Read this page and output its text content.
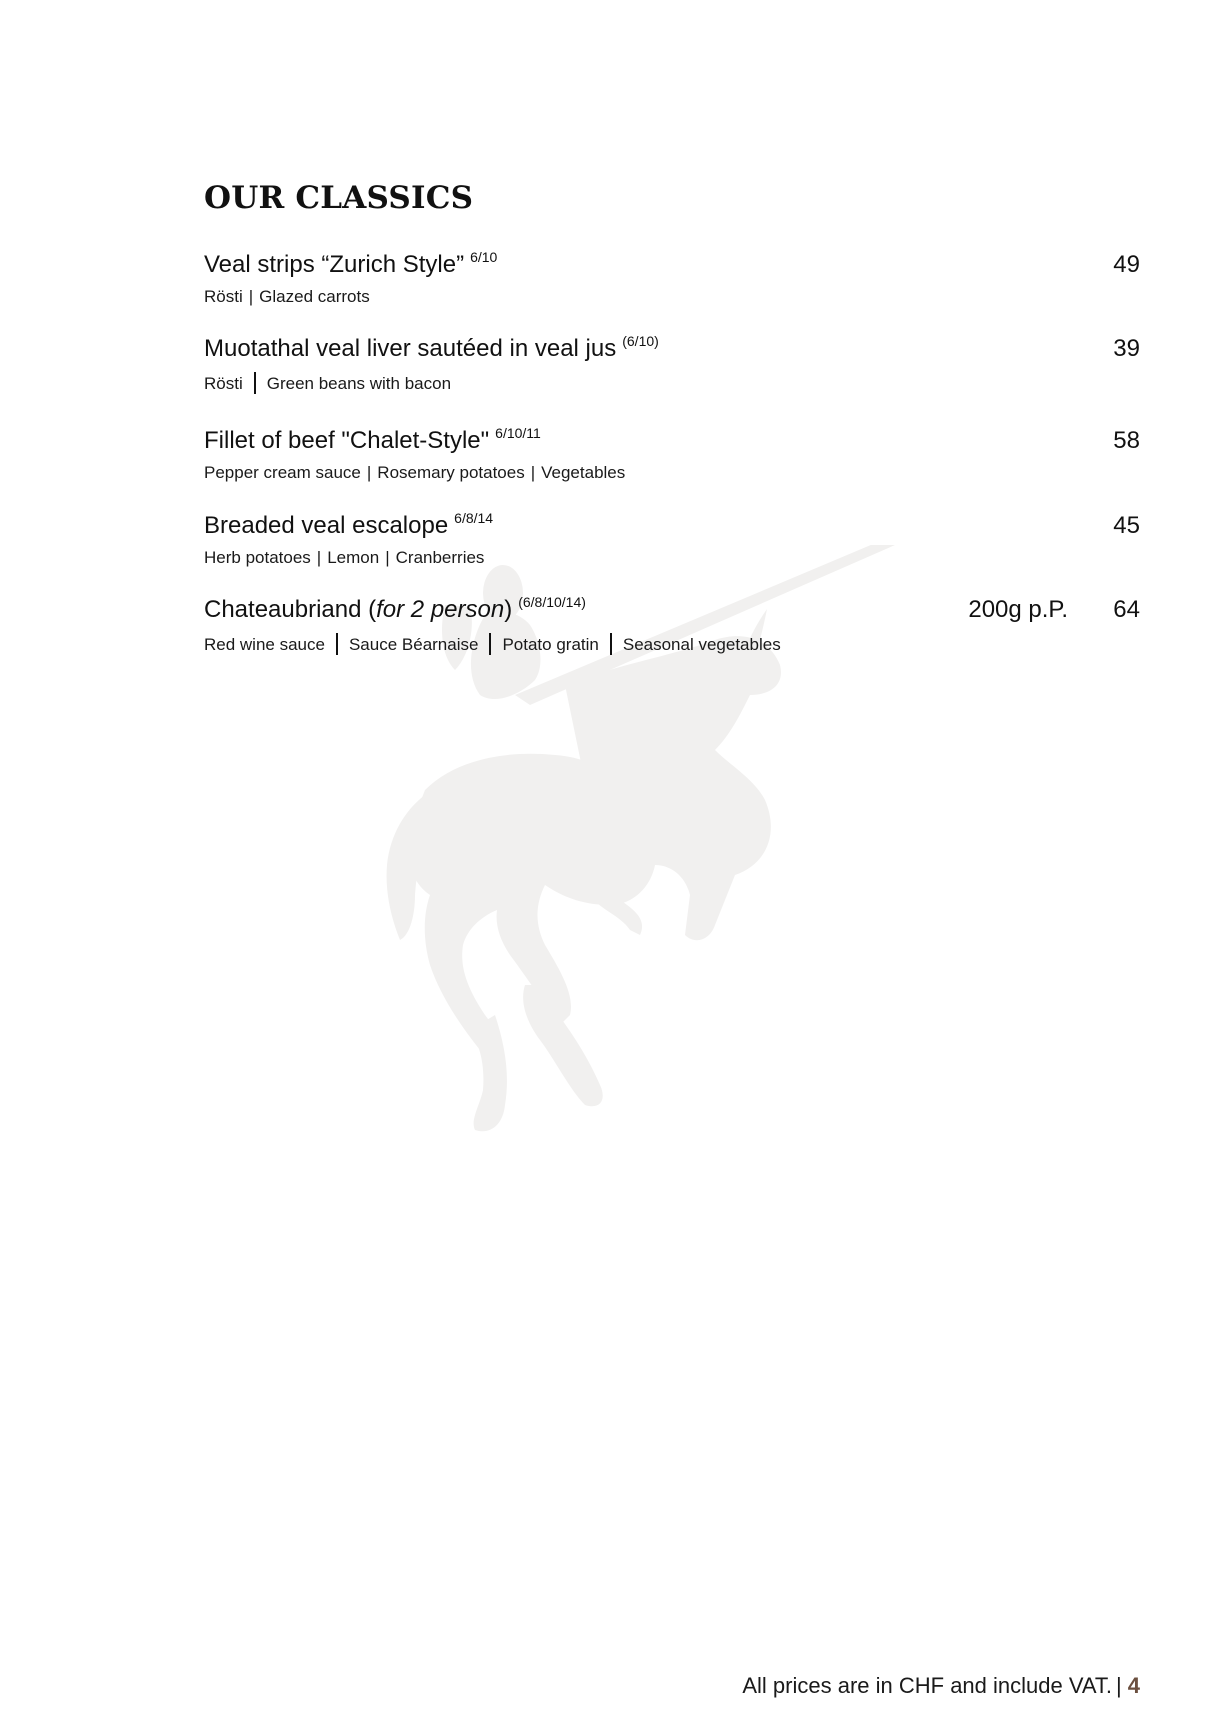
OUR CLASSICS
Veal strips “Zurich Style” $^{6/10}$	49
Rösti | Glazed carrots
Muotathal veal liver sautéed in veal jus $^{(6/10)}$	39
Rösti Green beans with bacon
Fillet of beef "Chalet-Style" $^{6/10/11}$	58
Pepper cream sauce | Rosemary potatoes | Vegetables
Breaded veal escalope $^{6/8/14}$	45
Herb potatoes | Lemon | Cranberries
Chateaubriand (for 2 person) $^{(6/8/10/14)}$	200g p.P. 64
Red wine sauce Sauce Béarnaise Potato gratin Seasonal vegetables
All prices are in CHF and include VAT. | 4
